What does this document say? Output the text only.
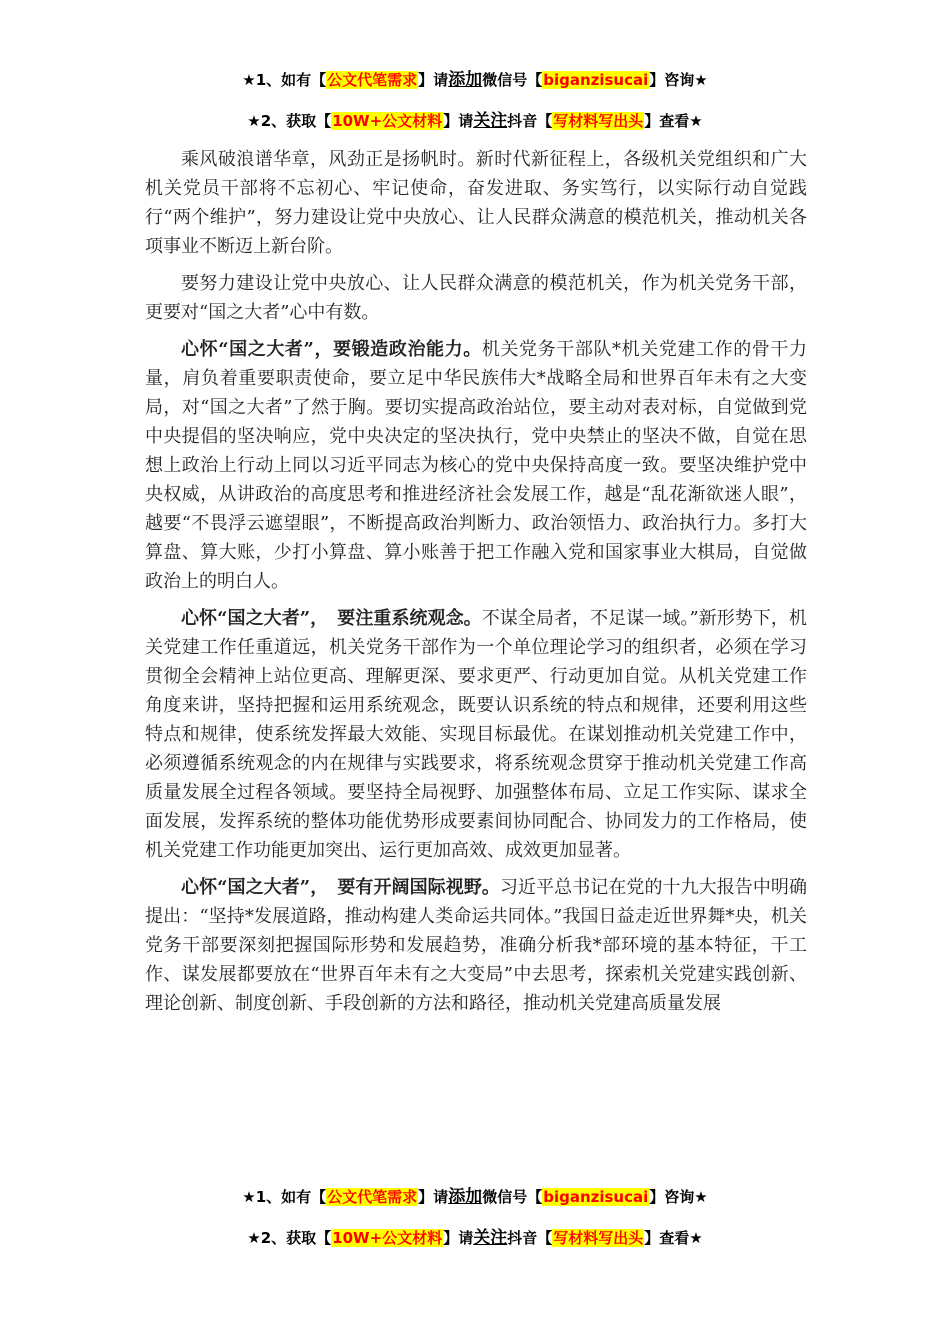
★1、如有【公文代笔需求】请添加微信号【biganzisucai】咨询★
★2、获取【10W+公文材料】请关注抖音【写材料写出头】查看★

乘风破浪谱华章，风劲正是扬帆时。新时代新征程上，各级机关党组织和广大机关党员干部将不忘初心、牢记使命，奋发进取、务实笃行，以实际行动自觉践行“两个维护”，努力建设让党中央放心、让人民群众满意的模范机关，推动机关各项事业不断迈上新台阶。

要努力建设让党中央放心、让人民群众满意的模范机关，作为机关党务干部，更要对“国之大者”心中有数。

心怀“国之大者”，要锻造政治能力。机关党务干部队*机关党建工作的骨干力量，肩负着重要职责使命，要立足中华民族伟大*战略全局和世界百年未有之大变局，对“国之大者”了然于胸。要切实提高政治站位，要主动对表对标，自觉做到党中央提倡的坚决响应，党中央决定的坚决执行，党中央禁止的坚决不做，自觉在思想上政治上行动上同以习近平同志为核心的党中央保持高度一致。要坚决维护党中央权威，从讲政治的高度思考和推进经济社会发展工作，越是“乱花渐欲迷人眼”，越要“不畏浮云遮望眼”，不断提高政治判断力、政治领悟力、政治执行力。多打大算盘、算大账，少打小算盘、算小账善于把工作融入党和国家事业大棋局，自觉做政治上的明白人。

心怀“国之大者”，　要注重系统观念。不谋全局者，不足谋一域。”新形势下，机关党建工作任重道远，机关党务干部作为一个单位理论学习的组织者，必须在学习贯彻全会精神上站位更高、理解更深、要求更严、行动更加自觉。从机关党建工作角度来讲，坚持把握和运用系统观念，既要认识系统的特点和规律，还要利用这些特点和规律，使系统发挥最大效能、实现目标最优。在谋划推动机关党建工作中，必须遵循系统观念的内在规律与实践要求，将系统观念贯穿于推动机关党建工作高质量发展全过程各领域。要坚持全局视野、加强整体布局、立足工作实际、谋求全面发展，发挥系统的整体功能优势形成要素间协同配合、协同发力的工作格局，使机关党建工作功能更加突出、运行更加高效、成效更加显著。

心怀“国之大者”，　要有开阔国际视野。习近平总书记在党的十九大报告中明确提出：“坚持*发展道路，推动构建人类命运共同体。”我国日益走近世界舞*央，机关党务干部要深刻把握国际形势和发展趋势，准确分析我*部环境的基本特征，干工作、谋发展都要放在“世界百年未有之大变局”中去思考，探索机关党建实践创新、理论创新、制度创新、手段创新的方法和路径，推动机关党建高质量发展

★1、如有【公文代笔需求】请添加微信号【biganzisucai】咨询★
★2、获取【10W+公文材料】请关注抖音【写材料写出头】查看★
